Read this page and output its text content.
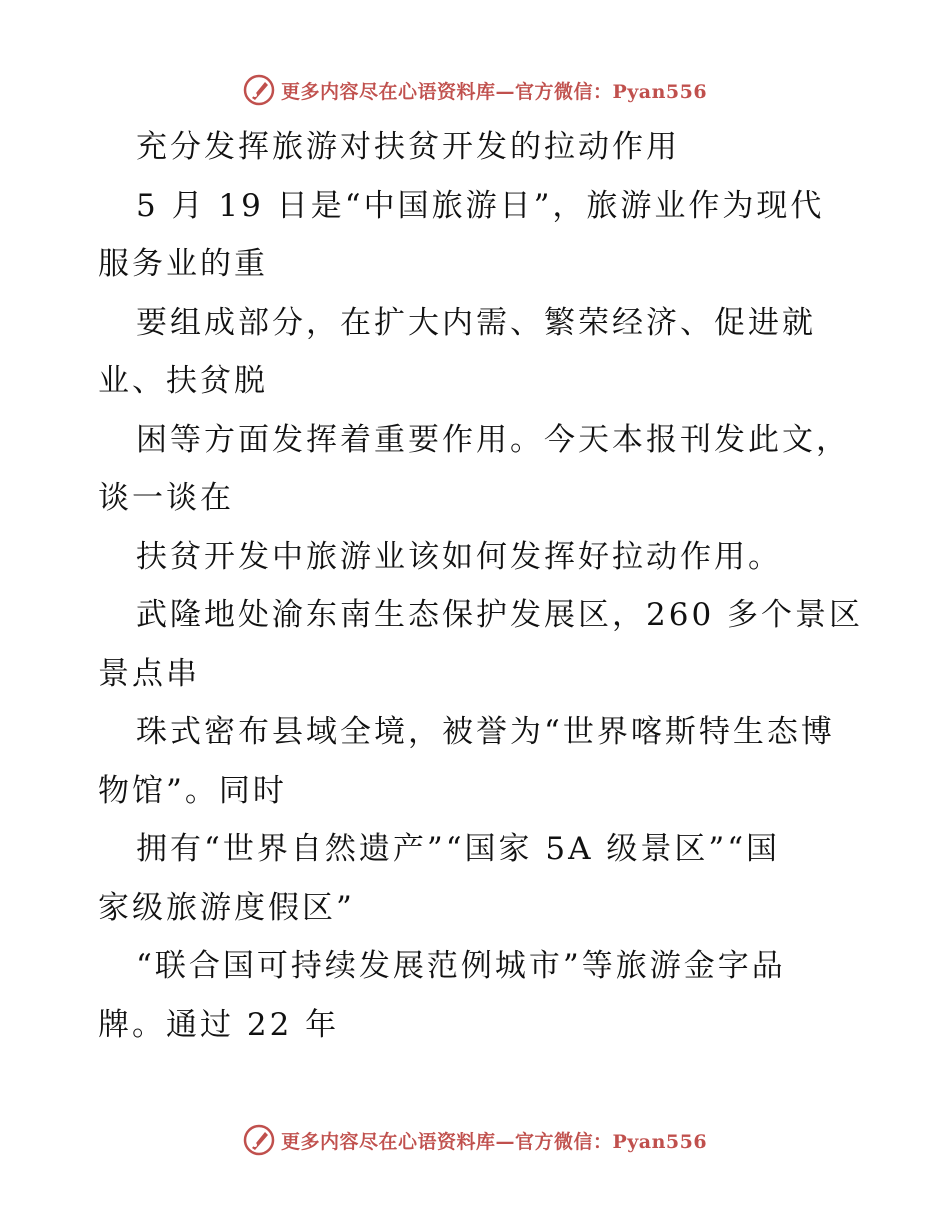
更多内容尽在心语资料库—官方微信：Pyan556
充分发挥旅游对扶贫开发的拉动作用
5 月 19 日是“中国旅游日”，旅游业作为现代
服务业的重
要组成部分，在扩大内需、繁荣经济、促进就
业、扶贫脱
困等方面发挥着重要作用。今天本报刊发此文，
谈一谈在
扶贫开发中旅游业该如何发挥好拉动作用。
武隆地处渝东南生态保护发展区，260 多个景区
景点串
珠式密布县域全境，被誉为“世界喀斯特生态博
物馆”。同时
拥有“世界自然遗产”“国家 5A 级景区”“国
家级旅游度假区”
“联合国可持续发展范例城市”等旅游金字品
牌。通过 22 年
更多内容尽在心语资料库—官方微信：Pyan556
